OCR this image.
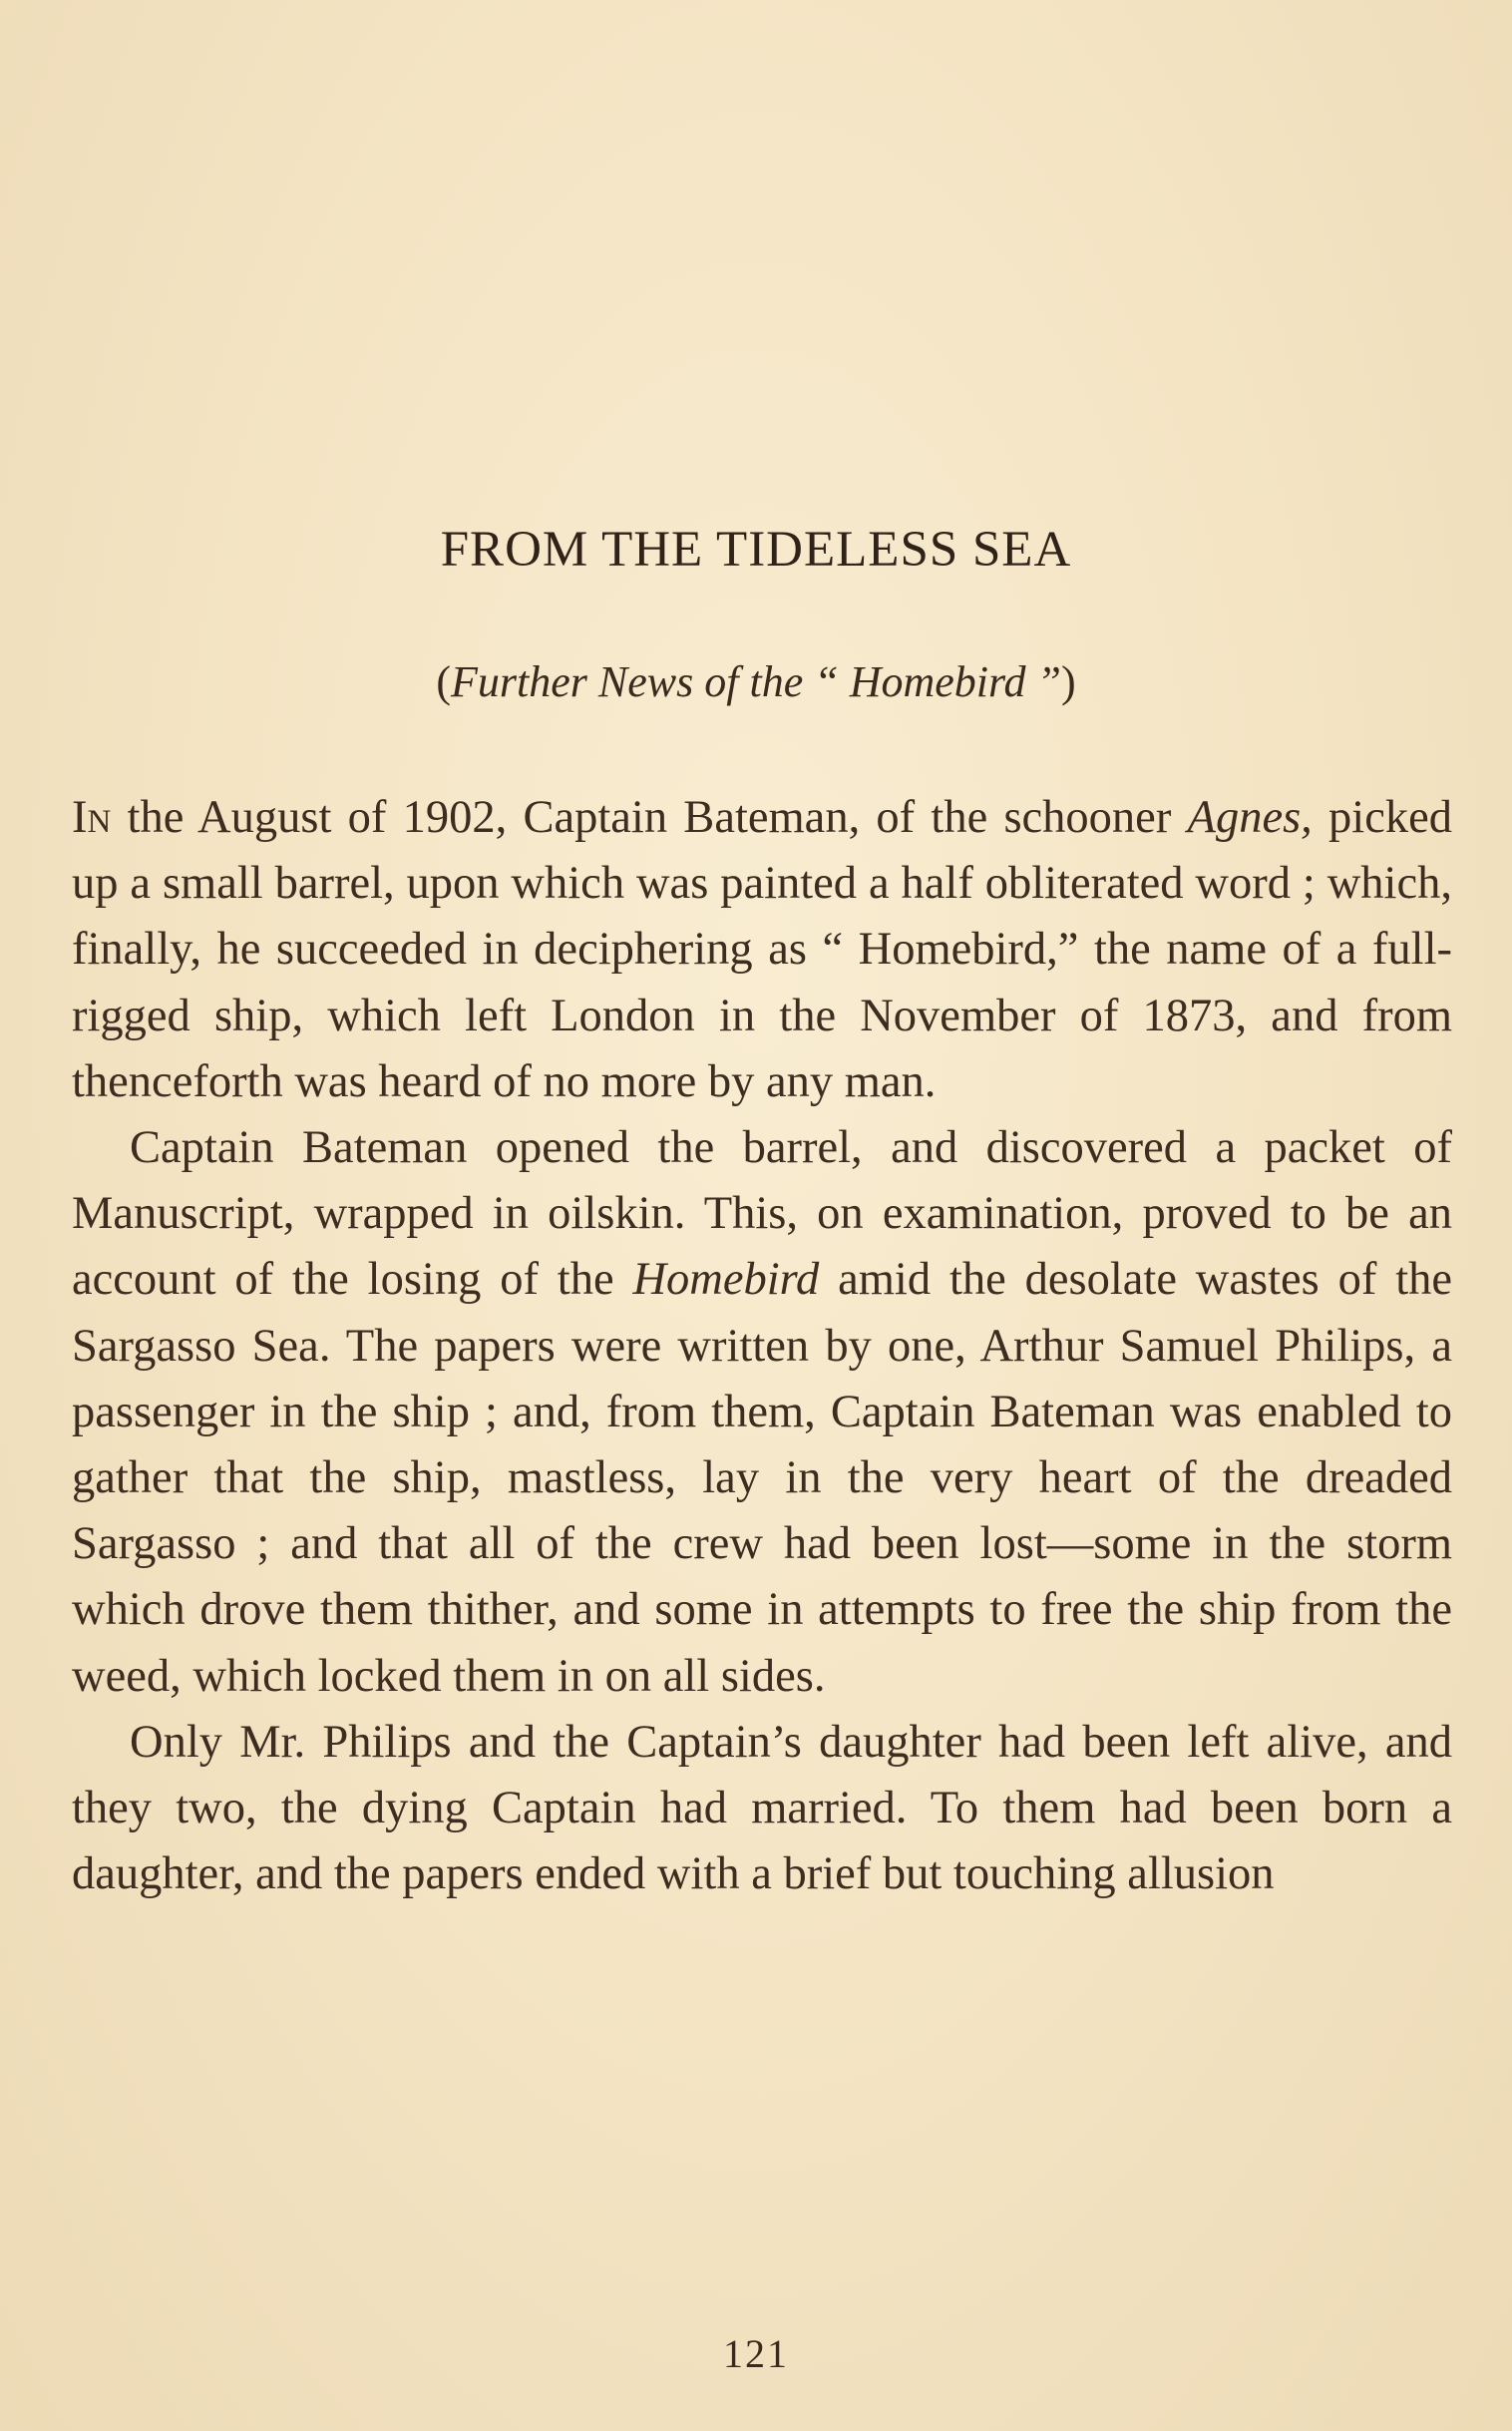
FROM THE TIDELESS SEA
(Further News of the “ Homebird ”)

In the August of 1902, Captain Bateman, of the schooner Agnes, picked up a small barrel, upon which was painted a half obliterated word ; which, finally, he succeeded in deciphering as “ Homebird,” the name of a full-rigged ship, which left London in the November of 1873, and from thenceforth was heard of no more by any man.

Captain Bateman opened the barrel, and discovered a packet of Manuscript, wrapped in oilskin. This, on examination, proved to be an account of the losing of the Homebird amid the desolate wastes of the Sargasso Sea. The papers were written by one, Arthur Samuel Philips, a passenger in the ship ; and, from them, Captain Bateman was enabled to gather that the ship, mastless, lay in the very heart of the dreaded Sargasso ; and that all of the crew had been lost—some in the storm which drove them thither, and some in attempts to free the ship from the weed, which locked them in on all sides.

Only Mr. Philips and the Captain’s daughter had been left alive, and they two, the dying Captain had married. To them had been born a daughter, and the papers ended with a brief but touching allusion

121
